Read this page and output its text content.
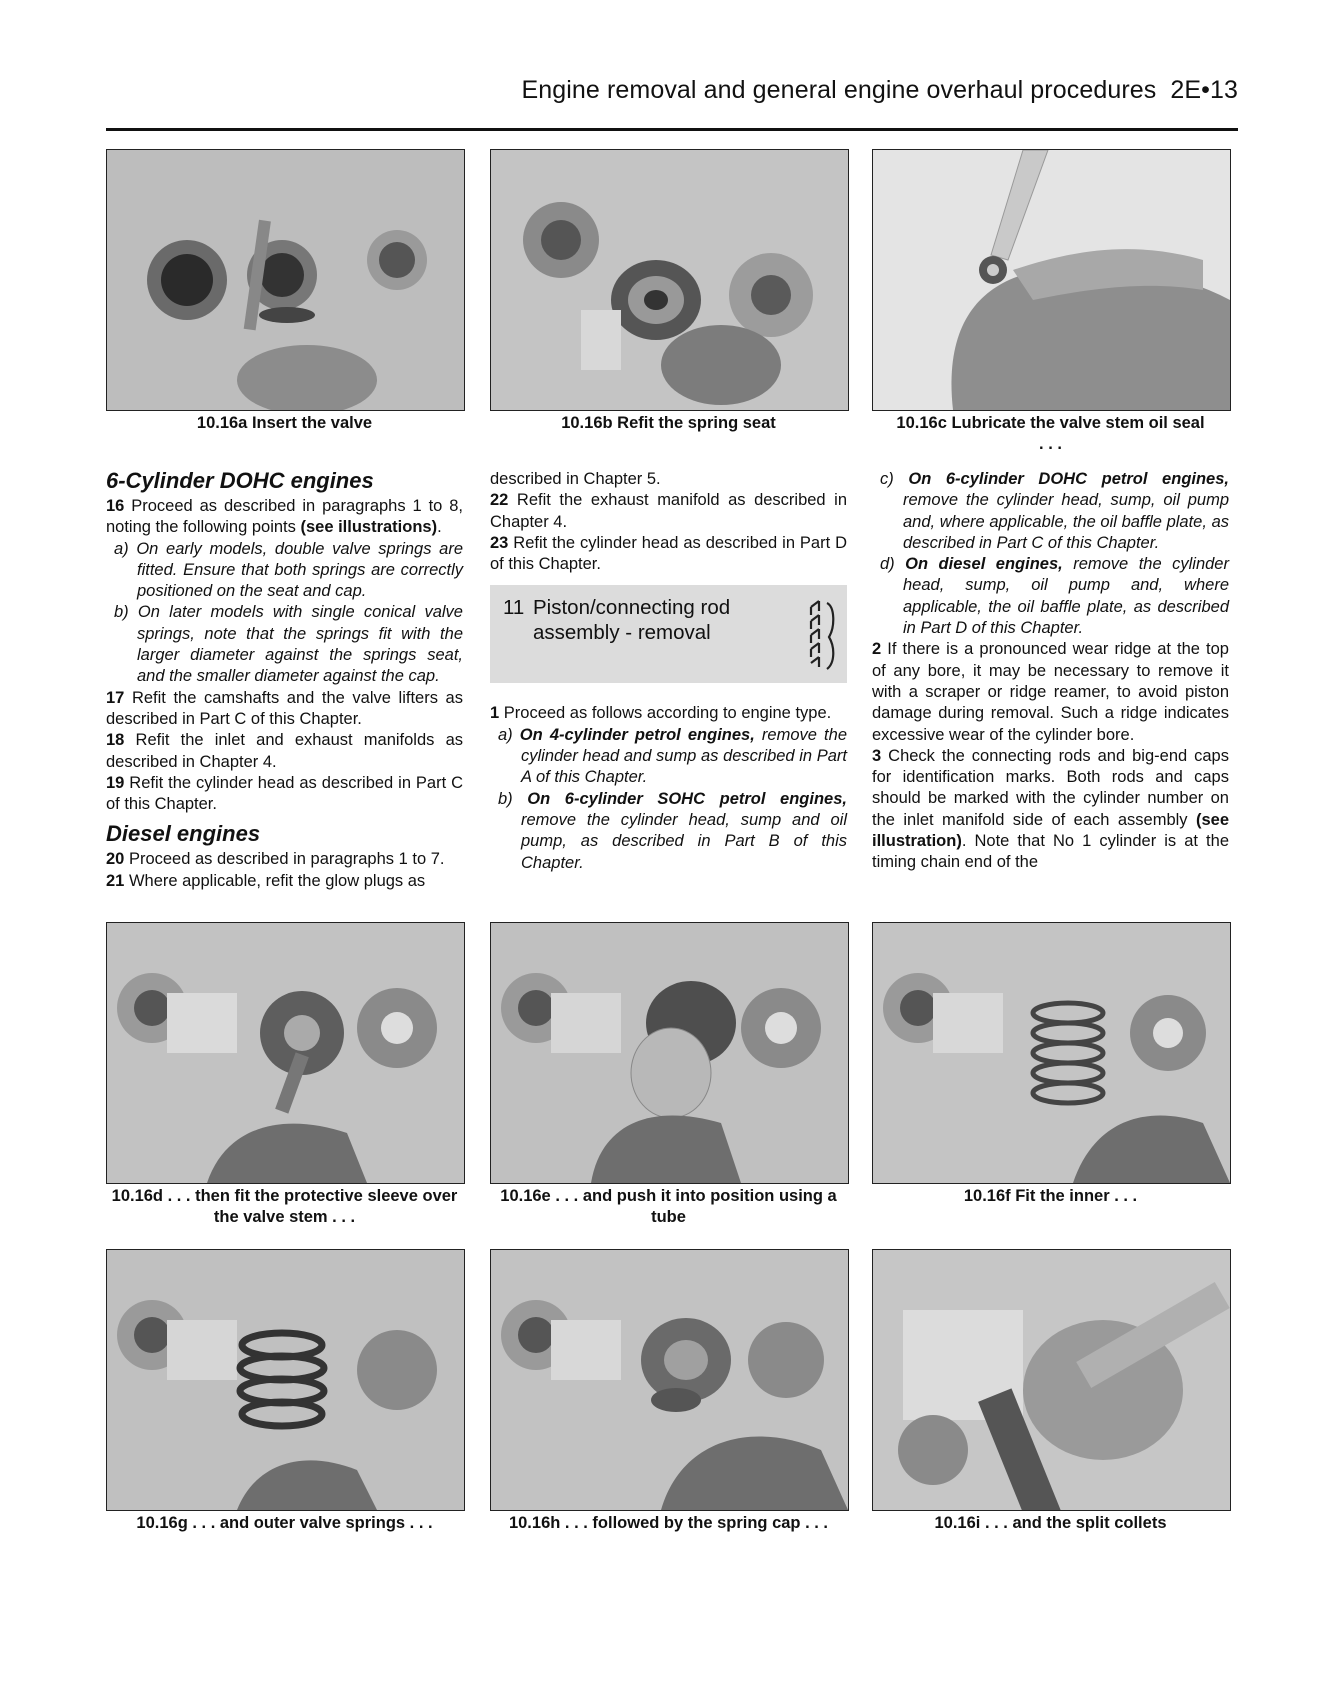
Engine removal and general engine overhaul procedures 2E•13
10.16a Insert the valve	10.16b Refit the spring seat	10.16c Lubricate the valve stem oil seal . . .
6-Cylinder DOHC engines

16 Proceed as described in paragraphs 1 to 8, noting the following points (see illustrations).

a) On early models, double valve springs are fitted. Ensure that both springs are correctly positioned on the seat and cap.

b) On later models with single conical valve springs, note that the springs fit with the larger diameter against the springs seat, and the smaller diameter against the cap.

17 Refit the camshafts and the valve lifters as described in Part C of this Chapter.

18 Refit the inlet and exhaust manifolds as described in Chapter 4.

19 Refit the cylinder head as described in Part C of this Chapter.

Diesel engines

20 Proceed as described in paragraphs 1 to 7.

21 Where applicable, refit the glow plugs as

described in Chapter 5.

22 Refit the exhaust manifold as described in Chapter 4.

23 Refit the cylinder head as described in Part D of this Chapter.

11 Piston/connecting rod
assembly - removal

1 Proceed as follows according to engine type.

a) On 4-cylinder petrol engines, remove the cylinder head and sump as described in Part A of this Chapter.

b) On 6-cylinder SOHC petrol engines, remove the cylinder head, sump and oil pump, as described in Part B of this Chapter.

c) On 6-cylinder DOHC petrol engines, remove the cylinder head, sump, oil pump and, where applicable, the oil baffle plate, as described in Part C of this Chapter.

d) On diesel engines, remove the cylinder head, sump, oil pump and, where applicable, the oil baffle plate, as described in Part D of this Chapter.

2 If there is a pronounced wear ridge at the top of any bore, it may be necessary to remove it with a scraper or ridge reamer, to avoid piston damage during removal. Such a ridge indicates excessive wear of the cylinder bore.

3 Check the connecting rods and big-end caps for identification marks. Both rods and caps should be marked with the cylinder number on the inlet manifold side of each assembly (see illustration). Note that No 1 cylinder is at the timing chain end of the

10.16d . . . then fit the protective sleeve over the valve stem . . .
10.16e . . . and push it into position using a tube
10.16f Fit the inner . . .
10.16g . . . and outer valve springs . . .	10.16h . . . followed by the spring cap . . .	10.16i . . . and the split collets
